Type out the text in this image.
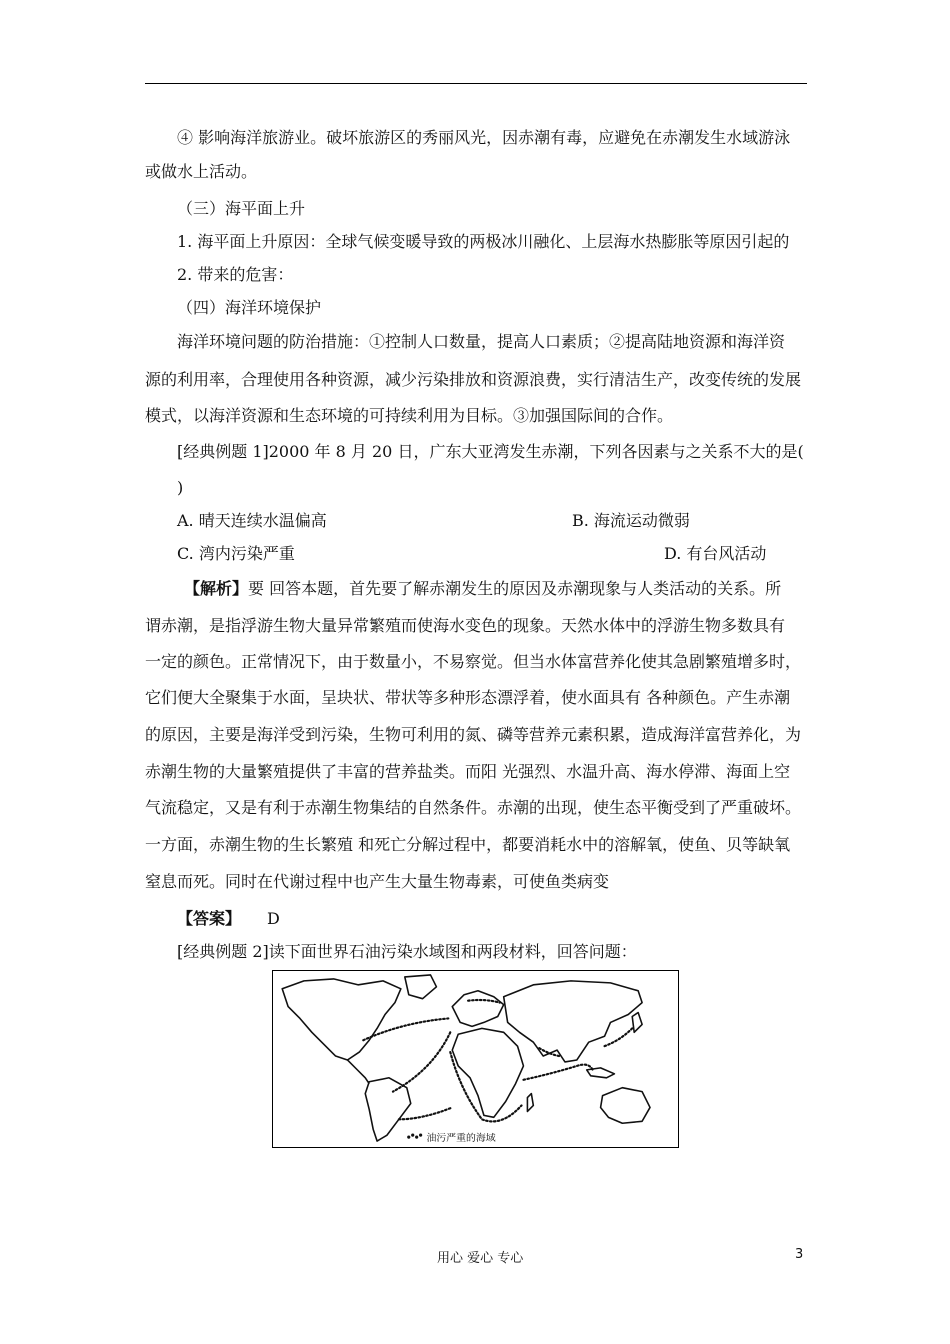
④ 影响海洋旅游业。破坏旅游区的秀丽风光，因赤潮有毒，应避免在赤潮发生水域游泳
或做水上活动。
（三）海平面上升
1. 海平面上升原因：全球气候变暖导致的两极冰川融化、上层海水热膨胀等原因引起的
2. 带来的危害：
（四）海洋环境保护
海洋环境问题的防治措施：①控制人口数量，提高人口素质；②提高陆地资源和海洋资
源的利用率，合理使用各种资源，减少污染排放和资源浪费，实行清洁生产，改变传统的发展
模式，以海洋资源和生态环境的可持续利用为目标。③加强国际间的合作。
[经典例题 1]2000 年 8 月 20 日，广东大亚湾发生赤潮，下列各因素与之关系不大的是(
)
A. 晴天连续水温偏高	B. 海流运动微弱
C. 湾内污染严重	D. 有台风活动
【解析】要 回答本题，首先要了解赤潮发生的原因及赤潮现象与人类活动的关系。所
谓赤潮，是指浮游生物大量异常繁殖而使海水变色的现象。天然水体中的浮游生物多数具有
一定的颜色。正常情况下，由于数量小，不易察觉。但当水体富营养化使其急剧繁殖增多时，
它们便大全聚集于水面，呈块状、带状等多种形态漂浮着，使水面具有 各种颜色。产生赤潮
的原因，主要是海洋受到污染，生物可利用的氮、磷等营养元素积累，造成海洋富营养化，为
赤潮生物的大量繁殖提供了丰富的营养盐类。而阳 光强烈、水温升高、海水停滞、海面上空
气流稳定，又是有利于赤潮生物集结的自然条件。赤潮的出现，使生态平衡受到了严重破坏。
一方面，赤潮生物的生长繁殖 和死亡分解过程中，都要消耗水中的溶解氧，使鱼、贝等缺氧
窒息而死。同时在代谢过程中也产生大量生物毒素，可使鱼类病变
【答案】 D
[经典例题 2]读下面世界石油污染水域图和两段材料，回答问题：
油污严重的海域
用心 爱心 专心	3
